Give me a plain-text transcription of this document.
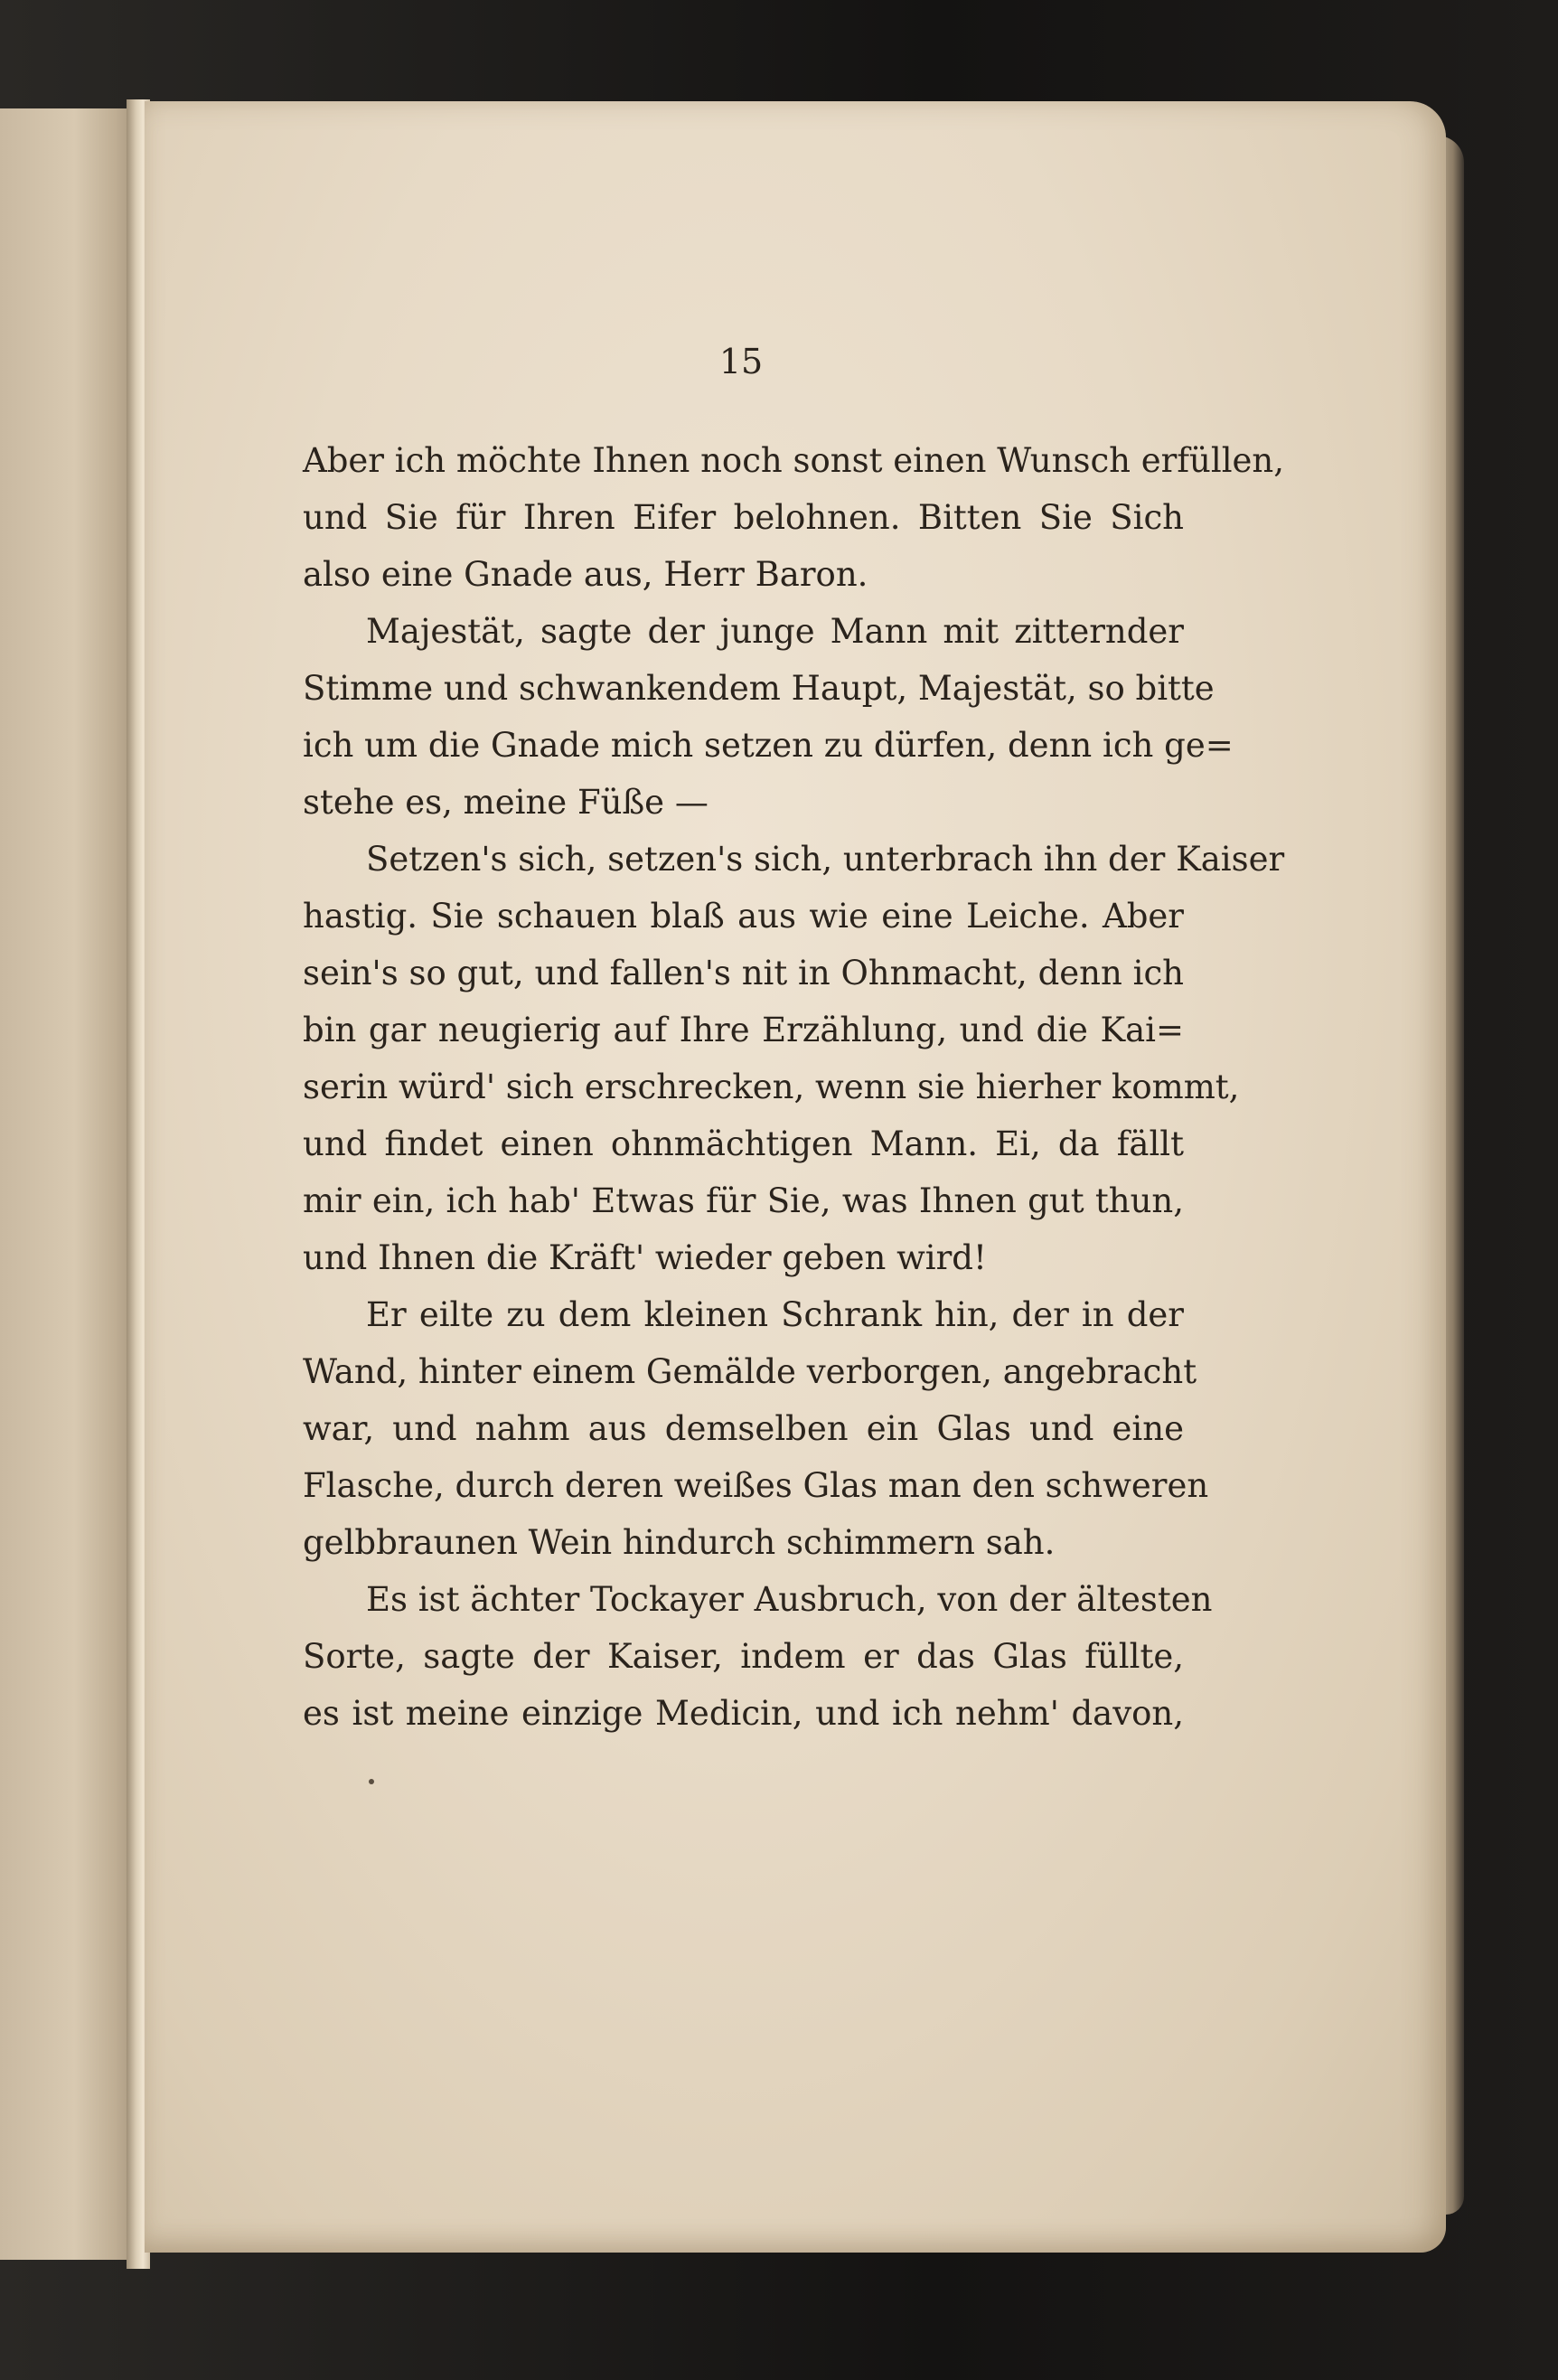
15

Aber ich möchte Ihnen noch sonst einen Wunsch erfüllen,

und Sie für Ihren Eifer belohnen. Bitten Sie Sich

also eine Gnade aus, Herr Baron.

Majestät, sagte der junge Mann mit zitternder

Stimme und schwankendem Haupt, Majestät, so bitte

ich um die Gnade mich setzen zu dürfen, denn ich ge=

stehe es, meine Füße —

Setzen's sich, setzen's sich, unterbrach ihn der Kaiser

hastig. Sie schauen blaß aus wie eine Leiche. Aber

sein's so gut, und fallen's nit in Ohnmacht, denn ich

bin gar neugierig auf Ihre Erzählung, und die Kai=

serin würd' sich erschrecken, wenn sie hierher kommt,

und findet einen ohnmächtigen Mann. Ei, da fällt

mir ein, ich hab' Etwas für Sie, was Ihnen gut thun,

und Ihnen die Kräft' wieder geben wird!

Er eilte zu dem kleinen Schrank hin, der in der

Wand, hinter einem Gemälde verborgen, angebracht

war, und nahm aus demselben ein Glas und eine

Flasche, durch deren weißes Glas man den schweren

gelbbraunen Wein hindurch schimmern sah.

Es ist ächter Tockayer Ausbruch, von der ältesten

Sorte, sagte der Kaiser, indem er das Glas füllte,

es ist meine einzige Medicin, und ich nehm' davon,
